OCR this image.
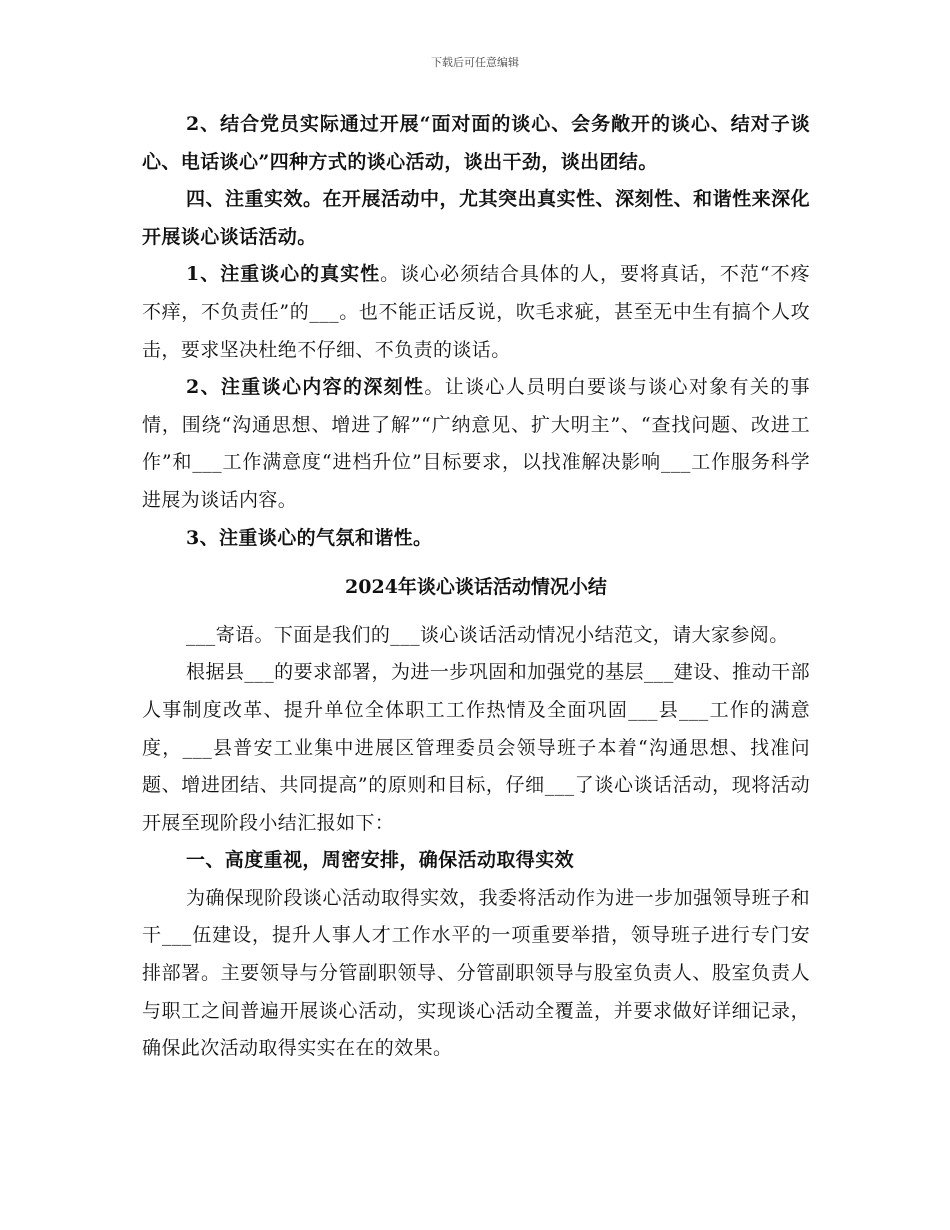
下载后可任意编辑

2、结合党员实际通过开展“面对面的谈心、会务敞开的谈心、结对子谈心、电话谈心”四种方式的谈心活动，谈出干劲，谈出团结。

四、注重实效。在开展活动中，尤其突出真实性、深刻性、和谐性来深化开展谈心谈话活动。

1、注重谈心的真实性。谈心必须结合具体的人，要将真话，不范“不疼不痒，不负责任”的___。也不能正话反说，吹毛求疵，甚至无中生有搞个人攻击，要求坚决杜绝不仔细、不负责的谈话。

2、注重谈心内容的深刻性。让谈心人员明白要谈与谈心对象有关的事情，围绕“沟通思想、增进了解”“广纳意见、扩大明主”、“查找问题、改进工作”和___工作满意度“进档升位”目标要求，以找准解决影响___工作服务科学进展为谈话内容。

3、注重谈心的气氛和谐性。

2024年谈心谈话活动情况小结

___寄语。下面是我们的___谈心谈话活动情况小结范文，请大家参阅。

根据县___的要求部署，为进一步巩固和加强党的基层___建设、推动干部人事制度改革、提升单位全体职工工作热情及全面巩固___县___工作的满意度，___县普安工业集中进展区管理委员会领导班子本着“沟通思想、找准问题、增进团结、共同提高”的原则和目标，仔细___了谈心谈话活动，现将活动开展至现阶段小结汇报如下：

一、高度重视，周密安排，确保活动取得实效

为确保现阶段谈心活动取得实效，我委将活动作为进一步加强领导班子和干___伍建设，提升人事人才工作水平的一项重要举措，领导班子进行专门安排部署。主要领导与分管副职领导、分管副职领导与股室负责人、股室负责人与职工之间普遍开展谈心活动，实现谈心活动全覆盖，并要求做好详细记录，确保此次活动取得实实在在的效果。
